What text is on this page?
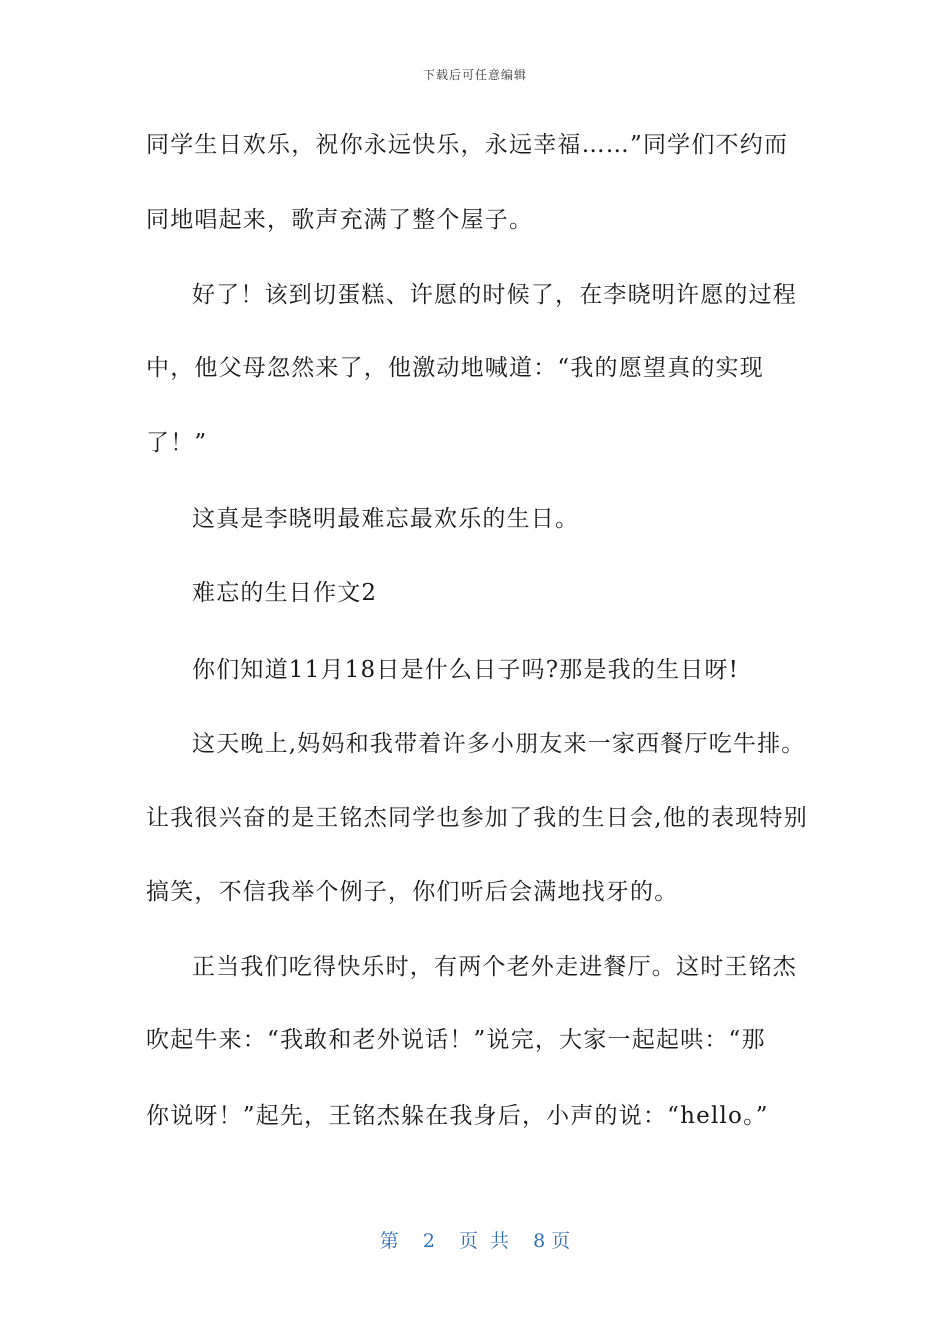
下载后可任意编辑
同学生日欢乐，祝你永远快乐，永远幸福……”同学们不约而
同地唱起来，歌声充满了整个屋子。
好了！该到切蛋糕、许愿的时候了，在李晓明许愿的过程
中，他父母忽然来了，他激动地喊道：“我的愿望真的实现
了！”
这真是李晓明最难忘最欢乐的生日。
难忘的生日作文2
你们知道11月18日是什么日子吗?那是我的生日呀!
这天晚上,妈妈和我带着许多小朋友来一家西餐厅吃牛排。
让我很兴奋的是王铭杰同学也参加了我的生日会,他的表现特别
搞笑，不信我举个例子，你们听后会满地找牙的。
正当我们吃得快乐时，有两个老外走进餐厅。这时王铭杰
吹起牛来：“我敢和老外说话！”说完，大家一起起哄：“那
你说呀！”起先，王铭杰躲在我身后，小声的说：“hello。”
第 2 页 共 8 页
